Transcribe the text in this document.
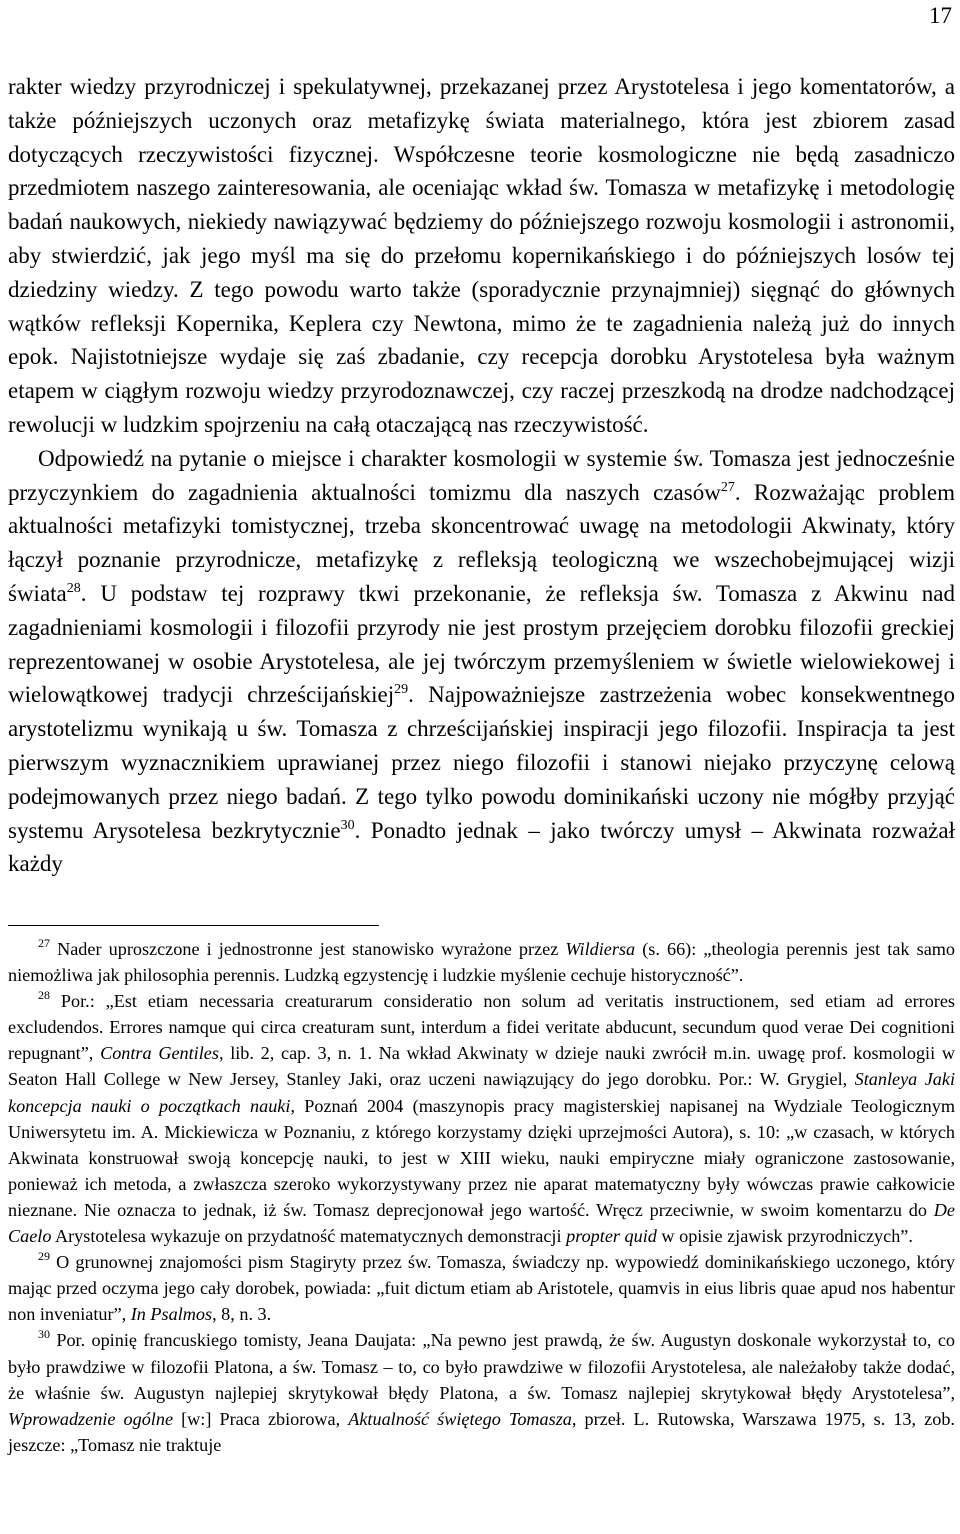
17

rakter wiedzy przyrodniczej i spekulatywnej, przekazanej przez Arystotelesa i jego komentatorów, a także późniejszych uczonych oraz metafizykę świata materialnego, która jest zbiorem zasad dotyczących rzeczywistości fizycznej. Współczesne teorie kosmologiczne nie będą zasadniczo przedmiotem naszego zainteresowania, ale oceniając wkład św. Tomasza w metafizykę i metodologię badań naukowych, niekiedy nawiązywać będziemy do późniejszego rozwoju kosmologii i astronomii, aby stwierdzić, jak jego myśl ma się do przełomu kopernikańskiego i do późniejszych losów tej dziedziny wiedzy. Z tego powodu warto także (sporadycznie przynajmniej) sięgnąć do głównych wątków refleksji Kopernika, Keplera czy Newtona, mimo że te zagadnienia należą już do innych epok. Najistotniejsze wydaje się zaś zbadanie, czy recepcja dorobku Arystotelesa była ważnym etapem w ciągłym rozwoju wiedzy przyrodoznawczej, czy raczej przeszkodą na drodze nadchodzącej rewolucji w ludzkim spojrzeniu na całą otaczającą nas rzeczywistość.

Odpowiedź na pytanie o miejsce i charakter kosmologii w systemie św. Tomasza jest jednocześnie przyczynkiem do zagadnienia aktualności tomizmu dla naszych czasów$^{27}$. Rozważając problem aktualności metafizyki tomistycznej, trzeba skoncentrować uwagę na metodologii Akwinaty, który łączył poznanie przyrodnicze, metafizykę z refleksją teologiczną we wszechobejmującej wizji świata$^{28}$. U podstaw tej rozprawy tkwi przekonanie, że refleksja św. Tomasza z Akwinu nad zagadnieniami kosmologii i filozofii przyrody nie jest prostym przejęciem dorobku filozofii greckiej reprezentowanej w osobie Arystotelesa, ale jej twórczym przemyśleniem w świetle wielowiekowej i wielowątkowej tradycji chrześcijańskiej$^{29}$. Najpoważniejsze zastrzeżenia wobec konsekwentnego arystotelizmu wynikają u św. Tomasza z chrześcijańskiej inspiracji jego filozofii. Inspiracja ta jest pierwszym wyznacznikiem uprawianej przez niego filozofii i stanowi niejako przyczynę celową podejmowanych przez niego badań. Z tego tylko powodu dominikański uczony nie mógłby przyjąć systemu Arysotelesa bezkrytycznie$^{30}$. Ponadto jednak – jako twórczy umysł – Akwinata rozważał każdy

$^{27}$ Nader uproszczone i jednostronne jest stanowisko wyrażone przez Wildiersa (s. 66): „theologia perennis jest tak samo niemożliwa jak philosophia perennis. Ludzką egzystencję i ludzkie myślenie cechuje historyczność”.

$^{28}$ Por.: „Est etiam necessaria creaturarum consideratio non solum ad veritatis instructionem, sed etiam ad errores excludendos. Errores namque qui circa creaturam sunt, interdum a fidei veritate abducunt, secundum quod verae Dei cognitioni repugnant”, Contra Gentiles, lib. 2, cap. 3, n. 1. Na wkład Akwinaty w dzieje nauki zwrócił m.in. uwagę prof. kosmologii w Seaton Hall College w New Jersey, Stanley Jaki, oraz uczeni nawiązujący do jego dorobku. Por.: W. Grygiel, Stanleya Jaki koncepcja nauki o początkach nauki, Poznań 2004 (maszynopis pracy magisterskiej napisanej na Wydziale Teologicznym Uniwersytetu im. A. Mickiewicza w Poznaniu, z którego korzystamy dzięki uprzejmości Autora), s. 10: „w czasach, w których Akwinata konstruował swoją koncepcję nauki, to jest w XIII wieku, nauki empiryczne miały ograniczone zastosowanie, ponieważ ich metoda, a zwłaszcza szeroko wykorzystywany przez nie aparat matematyczny były wówczas prawie całkowicie nieznane. Nie oznacza to jednak, iż św. Tomasz deprecjonował jego wartość. Wręcz przeciwnie, w swoim komentarzu do De Caelo Arystotelesa wykazuje on przydatność matematycznych demonstracji propter quid w opisie zjawisk przyrodniczych”.

$^{29}$ O grunownej znajomości pism Stagiryty przez św. Tomasza, świadczy np. wypowiedź dominikańskiego uczonego, który mając przed oczyma jego cały dorobek, powiada: „fuit dictum etiam ab Aristotele, quamvis in eius libris quae apud nos habentur non inveniatur”, In Psalmos, 8, n. 3.

$^{30}$ Por. opinię francuskiego tomisty, Jeana Daujata: „Na pewno jest prawdą, że św. Augustyn doskonale wykorzystał to, co było prawdziwe w filozofii Platona, a św. Tomasz – to, co było prawdziwe w filozofii Arystotelesa, ale należałoby także dodać, że właśnie św. Augustyn najlepiej skrytykował błędy Platona, a św. Tomasz najlepiej skrytykował błędy Arystotelesa”, Wprowadzenie ogólne [w:] Praca zbiorowa, Aktualność świętego Tomasza, przeł. L. Rutowska, Warszawa 1975, s. 13, zob. jeszcze: „Tomasz nie traktuje
